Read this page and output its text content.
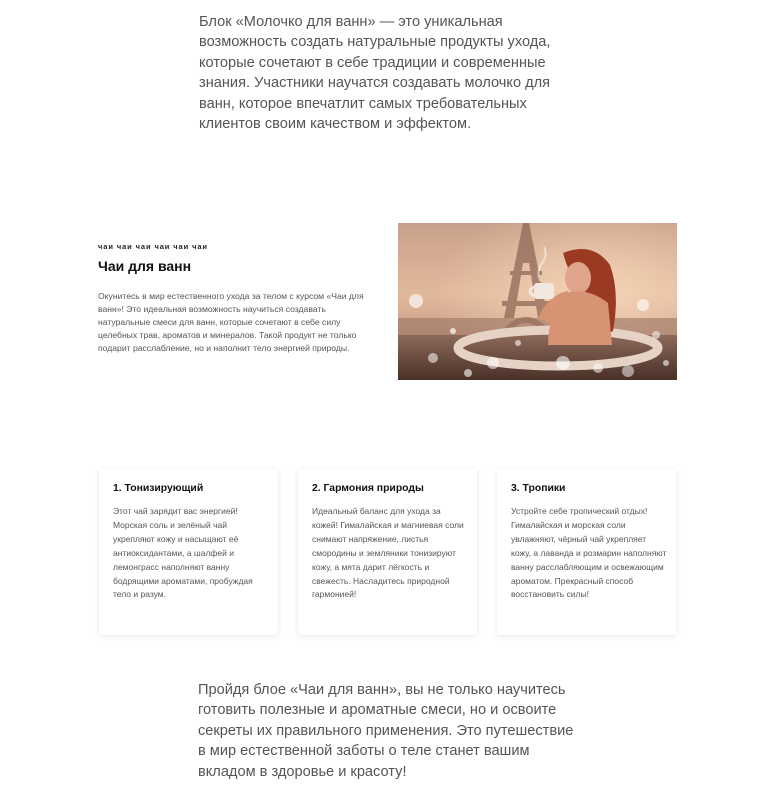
Блок «Молочко для ванн» — это уникальная возможность создать натуральные продукты ухода, которые сочетают в себе традиции и современные знания. Участники научатся создавать молочко для ванн, которое впечатлит самых требовательных клиентов своим качеством и эффектом.

чаи чаи чаи чаи чаи чаи

Чаи для ванн

Окунитесь в мир естественного ухода за телом с курсом «Чаи для ванн»! Это идеальная возможность научиться создавать натуральные смеси для ванн, которые сочетают в себе силу целебных трав, ароматов и минералов. Такой продукт не только подарит расслабление, но и наполнит тело энергией природы.

1. Тонизирующий

Этот чай зарядит вас энергией! Морская соль и зелёный чай укрепляют кожу и насыщают её антиоксидантами, а шалфей и лемонграсс наполняют ванну бодрящими ароматами, пробуждая тело и разум.

2. Гармония природы

Идеальный баланс для ухода за кожей! Гималайская и магниевая соли снимают напряжение, листья смородины и земляники тонизируют кожу, а мята дарит лёгкость и свежесть. Насладитесь природной гармонией!

3. Тропики

Устройте себе тропический отдых! Гималайская и морская соли увлажняют, чёрный чай укрепляет кожу, а лаванда и розмарин наполняют ванну расслабляющим и освежающим ароматом. Прекрасный способ восстановить силы!

Пройдя блое «Чаи для ванн», вы не только научитесь готовить полезные и ароматные смеси, но и освоите секреты их правильного применения. Это путешествие в мир естественной заботы о теле станет вашим вкладом в здоровье и красоту!
